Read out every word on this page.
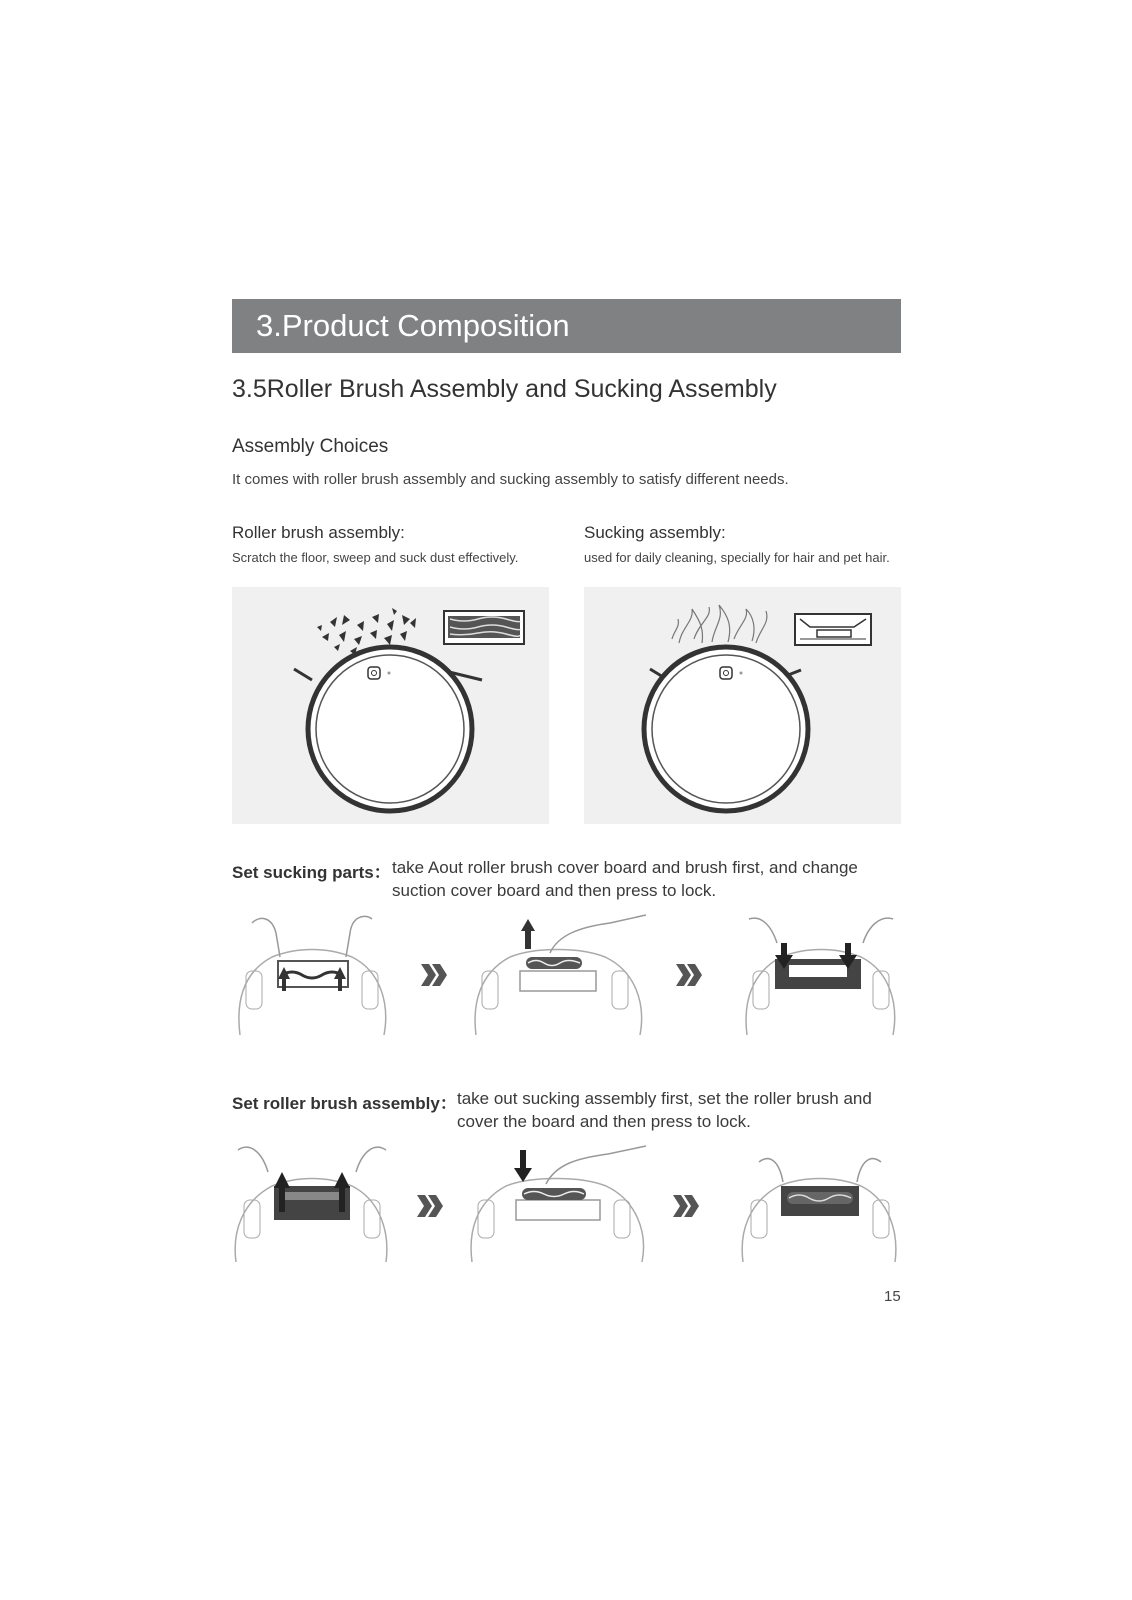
3.Product Composition
3.5Roller Brush Assembly and Sucking Assembly
Assembly Choices
It comes with roller brush assembly and sucking assembly to satisfy different needs.
Roller brush assembly:
Scratch the floor, sweep and suck dust effectively.
Sucking assembly:
used for daily cleaning, specially for hair and pet hair.
Set sucking parts： take Aout roller brush cover board and brush first, and change
suction cover board and then press to lock.
Set roller brush assembly： take out sucking assembly first, set the roller brush and
cover the board and then press to lock.
15
